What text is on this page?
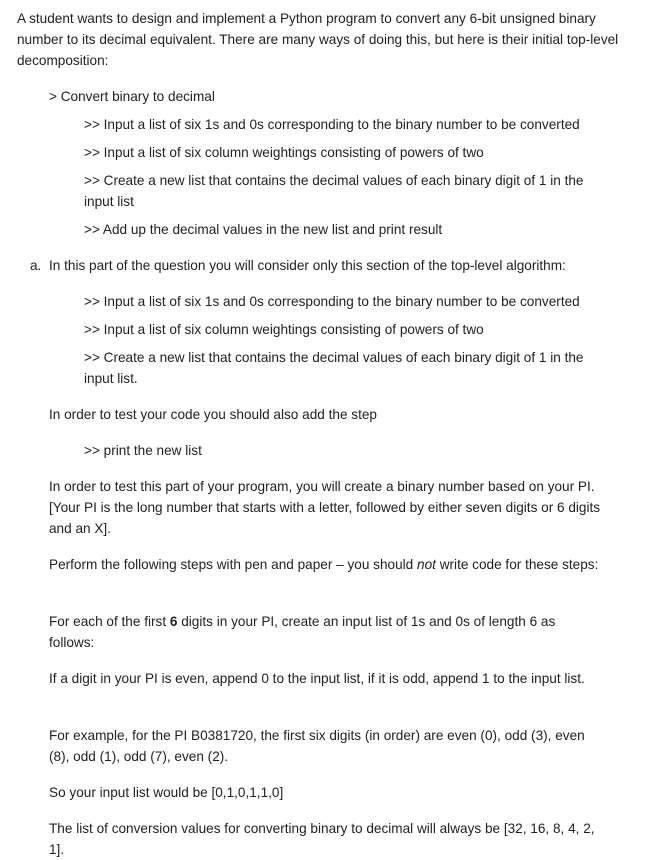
A student wants to design and implement a Python program to convert any 6-bit unsigned binary number to its decimal equivalent. There are many ways of doing this, but here is their initial top-level decomposition:

> Convert binary to decimal

>> Input a list of six 1s and 0s corresponding to the binary number to be converted

>> Input a list of six column weightings consisting of powers of two

>> Create a new list that contains the decimal values of each binary digit of 1 in the input list

>> Add up the decimal values in the new list and print result

a. In this part of the question you will consider only this section of the top-level algorithm:

>> Input a list of six 1s and 0s corresponding to the binary number to be converted

>> Input a list of six column weightings consisting of powers of two

>> Create a new list that contains the decimal values of each binary digit of 1 in the input list.

In order to test your code you should also add the step

>> print the new list

In order to test this part of your program, you will create a binary number based on your PI. [Your PI is the long number that starts with a letter, followed by either seven digits or 6 digits and an X].

Perform the following steps with pen and paper – you should not write code for these steps:

For each of the first 6 digits in your PI, create an input list of 1s and 0s of length 6 as follows:

If a digit in your PI is even, append 0 to the input list, if it is odd, append 1 to the input list.

For example, for the PI B0381720, the first six digits (in order) are even (0), odd (3), even (8), odd (1), odd (7), even (2).

So your input list would be [0,1,0,1,1,0]

The list of conversion values for converting binary to decimal will always be [32, 16, 8, 4, 2, 1].
